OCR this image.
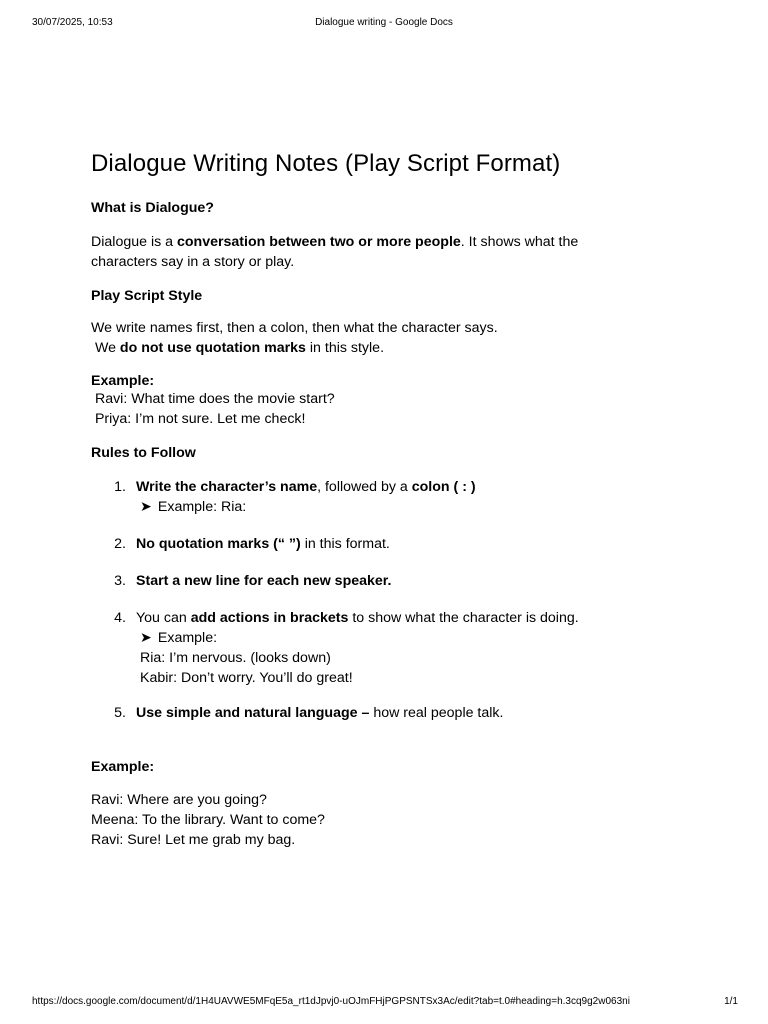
30/07/2025, 10:53	Dialogue writing - Google Docs
Dialogue Writing Notes (Play Script Format)
What is Dialogue?
Dialogue is a conversation between two or more people. It shows what the
characters say in a story or play.
Play Script Style
We write names first, then a colon, then what the character says.
We do not use quotation marks in this style.
Example:
Ravi: What time does the movie start?
Priya: I’m not sure. Let me check!
Rules to Follow
1. Write the character’s name, followed by a colon ( : )
➤ Example: Ria:
2. No quotation marks (“ ”) in this format.
3. Start a new line for each new speaker.
4. You can add actions in brackets to show what the character is doing.
➤ Example:
Ria: I’m nervous. (looks down)
Kabir: Don’t worry. You’ll do great!
5. Use simple and natural language – how real people talk.
Example:
Ravi: Where are you going?
Meena: To the library. Want to come?
Ravi: Sure! Let me grab my bag.
https://docs.google.com/document/d/1H4UAVWE5MFqE5a_rt1dJpvj0-uOJmFHjPGPSNTSx3Ac/edit?tab=t.0#heading=h.3cq9g2w063ni	1/1
